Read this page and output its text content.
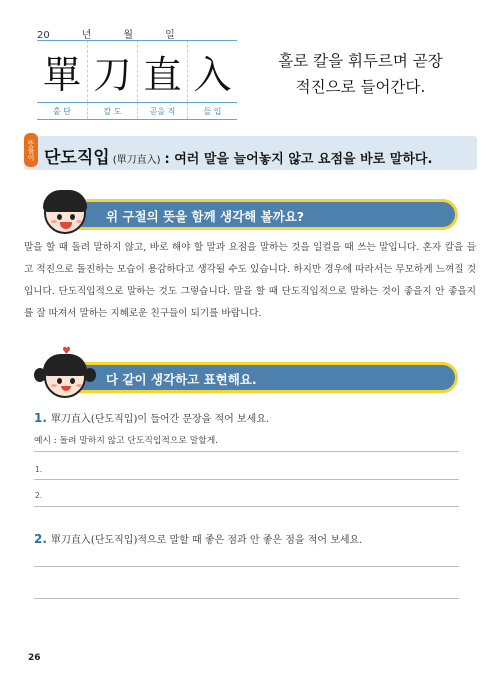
20	년	월	일
單 刀 直 入
홑 단	칼 도	곧을 직	들 입
홀로 칼을 휘두르며 곧장
적진으로 들어간다.
뜻풀이 단도직입 (單刀直入) : 여러 말을 늘어놓지 않고 요점을 바로 말하다.
위 구절의 뜻을 함께 생각해 볼까요?
말을 할 때 돌려 말하지 않고, 바로 해야 할 말과 요점을 말하는 것을 일컬을 때 쓰는 말입니다. 혼자 칼을 들고 적진으로 돌진하는 모습이 용감하다고 생각될 수도 있습니다. 하지만 경우에 따라서는 무모하게 느껴질 것입니다. 단도직입적으로 말하는 것도 그렇습니다. 말을 할 때 단도직입적으로 말하는 것이 좋을지 안 좋을지를 잘 따져서 말하는 지혜로운 친구들이 되기를 바랍니다.
다 같이 생각하고 표현해요.
♥
1. 單刀直入(단도직입)이 들어간 문장을 적어 보세요.
예시 : 돌려 말하지 않고 단도직입적으로 말할게.
1.
2.
2. 單刀直入(단도직입)적으로 말할 때 좋은 점과 안 좋은 점을 적어 보세요.
26
